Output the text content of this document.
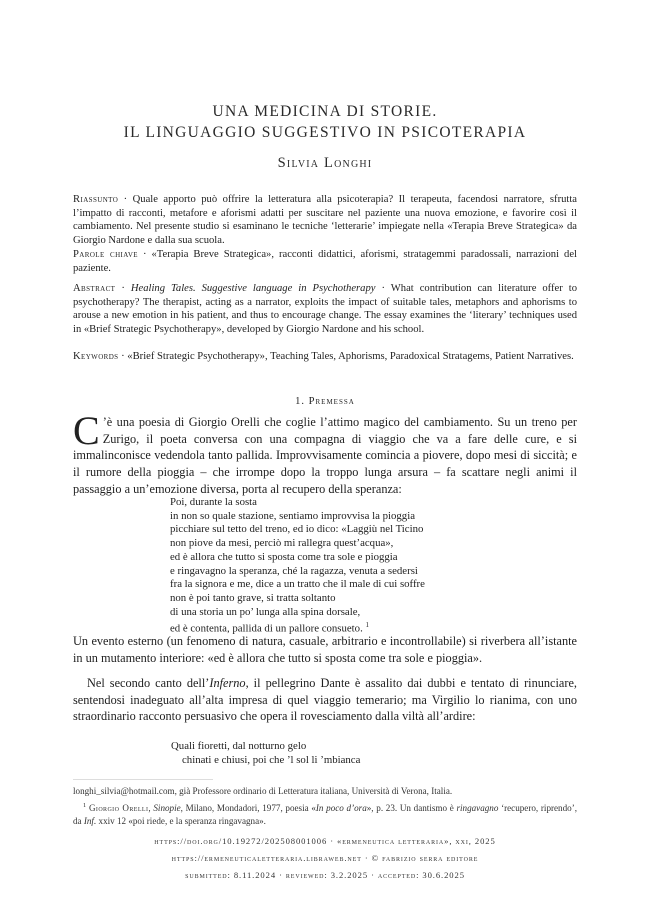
UNA MEDICINA DI STORIE.
IL LINGUAGGIO SUGGESTIVO IN PSICOTERAPIA
Silvia Longhi
Riassunto · Quale apporto può offrire la letteratura alla psicoterapia? Il terapeuta, facendosi narratore, sfrutta l’impatto di racconti, metafore e aforismi adatti per suscitare nel paziente una nuova emozione, e favorire così il cambiamento. Nel presente studio si esaminano le tecniche ‘letterarie’ impiegate nella «Terapia Breve Strategica» da Giorgio Nardone e dalla sua scuola.
Parole chiave · «Terapia Breve Strategica», racconti didattici, aforismi, stratagemmi paradossali, narrazioni del paziente.
Abstract · Healing Tales. Suggestive language in Psychotherapy · What contribution can literature offer to psychotherapy? The therapist, acting as a narrator, exploits the impact of suitable tales, metaphors and aphorisms to arouse a new emotion in his patient, and thus to encourage change. The essay examines the ‘literary’ techniques used in «Brief Strategic Psychotherapy», developed by Giorgio Nardone and his school.
Keywords · «Brief Strategic Psychotherapy», Teaching Tales, Aphorisms, Paradoxical Stratagems, Patient Narratives.
1. Premessa
C ’è una poesia di Giorgio Orelli che coglie l’attimo magico del cambiamento. Su un treno per Zurigo, il poeta conversa con una compagna di viaggio che va a fare delle cure, e si immalinconisce vedendola tanto pallida. Improvvisamente comincia a piovere, dopo mesi di siccità; e il rumore della pioggia – che irrompe dopo la troppo lunga arsura – fa scattare negli animi il passaggio a un’emozione diversa, porta al recupero della speranza:
Poi, durante la sosta
in non so quale stazione, sentiamo improvvisa la pioggia
picchiare sul tetto del treno, ed io dico: «Laggiù nel Ticino
non piove da mesi, perciò mi rallegra quest’acqua»,
ed è allora che tutto si sposta come tra sole e pioggia
e ringavagno la speranza, ché la ragazza, venuta a sedersi
fra la signora e me, dice a un tratto che il male di cui soffre
non è poi tanto grave, si tratta soltanto
di una storia un po’ lunga alla spina dorsale,
ed è contenta, pallida di un pallore consueto. $^1$
Un evento esterno (un fenomeno di natura, casuale, arbitrario e incontrollabile) si riverbera all’istante in un mutamento interiore: «ed è allora che tutto si sposta come tra sole e pioggia».
Nel secondo canto dell’Inferno, il pellegrino Dante è assalito dai dubbi e tentato di rinunciare, sentendosi inadeguato all’alta impresa di quel viaggio temerario; ma Virgilio lo rianima, con uno straordinario racconto persuasivo che opera il rovesciamento dalla viltà all’ardire:
Quali fioretti, dal notturno gelo
chinati e chiusi, poi che ’l sol li ’mbianca
longhi_silvia@hotmail.com, già Professore ordinario di Letteratura italiana, Università di Verona, Italia.
$^1$ Giorgio Orelli, Sinopie, Milano, Mondadori, 1977, poesia «In poco d’ora», p. 23. Un dantismo è ringavagno ‘recupero, riprendo’, da Inf. xxiv 12 «poi riede, e la speranza ringavagna».
https://doi.org/10.19272/202508001006 · «ermeneutica letteraria», xxi, 2025
https://ermeneuticaletteraria.libraweb.net · © fabrizio serra editore
submitted: 8.11.2024 · reviewed: 3.2.2025 · accepted: 30.6.2025
